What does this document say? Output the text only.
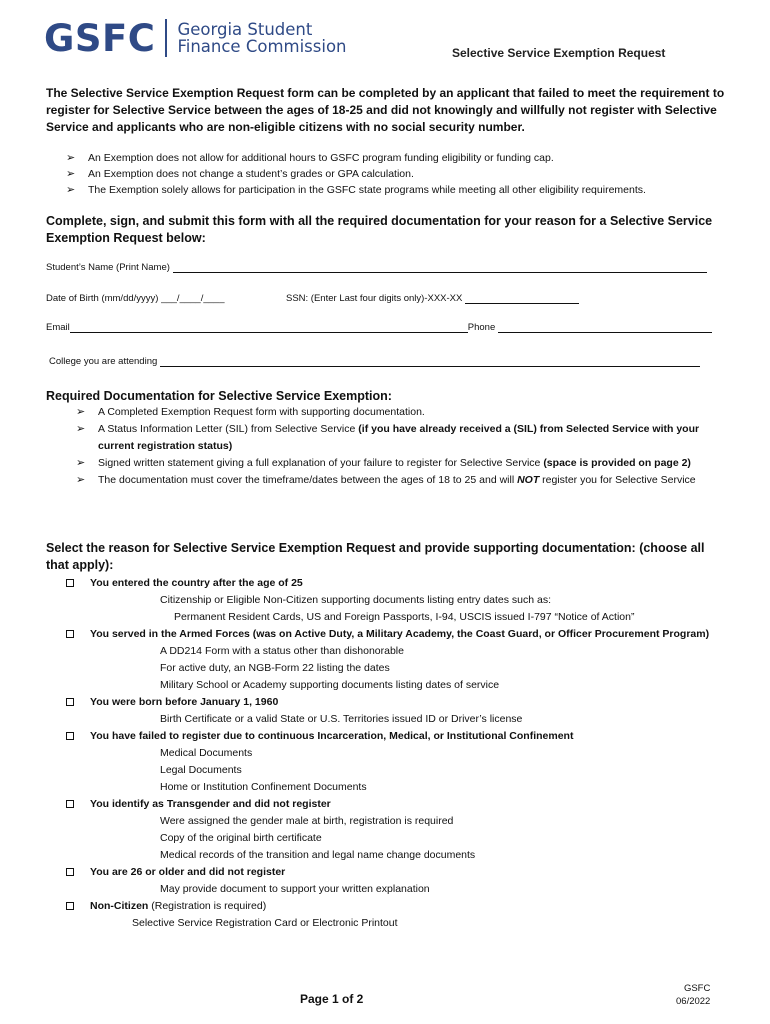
GSFC Georgia Student
Finance Commission	Selective Service Exemption Request
The Selective Service Exemption Request form can be completed by an applicant that failed to meet the requirement to register for Selective Service between the ages of 18-25 and did not knowingly and willfully not register with Selective Service and applicants who are non-eligible citizens with no social security number.
➢ An Exemption does not allow for additional hours to GSFC program funding eligibility or funding cap.
➢ An Exemption does not change a student’s grades or GPA calculation.
➢ The Exemption solely allows for participation in the GSFC state programs while meeting all other eligibility requirements.
Complete, sign, and submit this form with all the required documentation for your reason for a Selective Service Exemption Request below:
Student’s Name (Print Name)
Date of Birth (mm/dd/yyyy) ___/____/____	SSN: (Enter Last four digits only)-XXX-XX
Email	Phone
College you are attending
Required Documentation for Selective Service Exemption:
➢ A Completed Exemption Request form with supporting documentation.
➢ A Status Information Letter (SIL) from Selective Service (if you have already received a (SIL) from Selected Service with your current registration status)
➢ Signed written statement giving a full explanation of your failure to register for Selective Service (space is provided on page 2)
➢ The documentation must cover the timeframe/dates between the ages of 18 to 25 and will NOT register you for Selective Service
Select the reason for Selective Service Exemption Request and provide supporting documentation: (choose all that apply):
You entered the country after the age of 25
Citizenship or Eligible Non-Citizen supporting documents listing entry dates such as:
Permanent Resident Cards, US and Foreign Passports, I-94, USCIS issued I-797 “Notice of Action”
You served in the Armed Forces (was on Active Duty, a Military Academy, the Coast Guard, or Officer Procurement Program)
A DD214 Form with a status other than dishonorable
For active duty, an NGB-Form 22 listing the dates
Military School or Academy supporting documents listing dates of service
You were born before January 1, 1960
Birth Certificate or a valid State or U.S. Territories issued ID or Driver’s license
You have failed to register due to continuous Incarceration, Medical, or Institutional Confinement
Medical Documents
Legal Documents
Home or Institution Confinement Documents
You identify as Transgender and did not register
Were assigned the gender male at birth, registration is required
Copy of the original birth certificate
Medical records of the transition and legal name change documents
You are 26 or older and did not register
May provide document to support your written explanation
Non-Citizen (Registration is required)
Selective Service Registration Card or Electronic Printout
Page 1 of 2
GSFC
06/2022
